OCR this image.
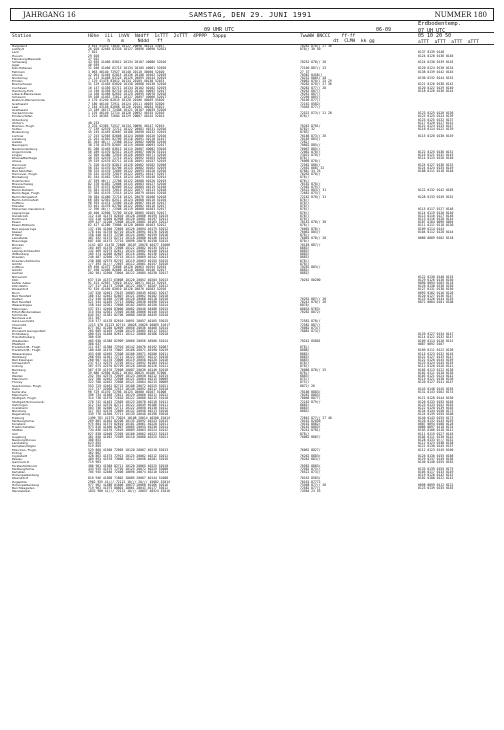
JAHRGANG 16	SAMSTAG, DEN 29. JUNI 1991	NUMMER 180
09 UHR UTC	06-09
Erdbodentemp.
07 UH UTC
05 10 20 50
Station	Höhe  iii  ihVV  Nddff  1sTTT  2sTTT  4PPPP  5appp
h    m     Nddd   ff
7wwWW 8NCCC    ff-ff
dt  CLMH  kk gg	aTTT  aTTT  aTTT  aTTT
Helgoland	4 015 41470 73034 10127 20096 40124 53017	70282 878// 27 36
List/Sylt	26 020 42465 83326 10127 20096 40090 52023	878// 30 40
Leck	7 022	0137 0139 0148
Husum	29 026	0124 0128 0136 0146
Flensburg/Meierwik	27 032
Schleswig	43 035 41460 83012 10134 20107 40086 52016	70252 878// 26	0124 0130 0139 0145
Jagel	40 039
Kiel-Holtenau	31 046 41460 62715 10134 20105 40081 52020	72166 887// 23	0120 0124 0130 0134
Fehmarn	3 063 46140 72927 10140 20110 40050 52020	27 37	0138 0139 0142 0145
Arkona	42 091 41465 62815 10136 20108 40102 52029	70382 8458//
Norderney	11 113 41468 83124 10126 20095 40144 52015	70252 8881/ 20	0130 0132 0144 0152
Emden	7 129 41478 83012 10134 20105 40130 52015	76082 878// 25 29
Bremerhaven	31 129 41465 83020 10138 20088 40130 52016	70282 878// 27 36	0121 0126 0138 0142
Cuxhaven	16 147 41356 82711 10134 20102 40102 52019	70282 877// 28	0120 0122 0129 0140
Hamburg-Fuhl.	14 156 41358 82710 10133 20102 40092 52017	76262 887//	0118 0126 0136 0144
Lübeck-Blankensee	14 160 41466 82653 10129 20095 40076 52016	76262 887//
Schwerin	59 168 41462 72612 10127 20097 40066 52017	72266 885//
Rostock-Warnemünde	4 170 41240 82815 10128 20106 40049 55020	76166 877//
Greifswald	7 180 46140 72911 10124 20111 40035 52026	72162 8582/
Leer	2 184 43158 82608 10126 20104 40034 55021	75565 877//
Greifswald	13 189 46172 72408 10121 20107 40035 52026
Ueckermünde	1 193 46140 72714 10120 20092 40155 52016	72522 873// 21 28	0123 0125 0126 0136
Emden-Hafen	1 215 46365 72604 10129 20087 40145 52014	878//	0123 0125 0124 0139
Oldenburg	0123 0125 0132 0137
Ahlhorn	40 233	0117 0120 0127 0142
Bremen, Flugh.	3 235 42365 72517 10134 20096 40147 52015	76262 8781/	0122 0124 0133 0147
Soltau	77 239 42570 72712 10122 20081 40131 52016	8782/ 32	0116 0114 0122 0139
Boizenburg	45 245 41459 82607 10108 20098 40132 52015	8783/
Lüchow	17 253 42365 82608 10124 20086 40126 52016	76186 873// 26	0115 0120 0130 0149
Lüneburg	21 261 41562 82709 10118 20091 40110 51017	76185 883//
Uelzen	81 264 46/// /2308 10112 20082 40098 52016	7282/
Neuruppin	38 270 41570 82607 10119 20086 40093 52017	70862 885//
Neubrandenburg	81 280 41465 83613 10115 20087 40082 53016	76067 885//
Angermünde	56 289 41470 82512 10119 20087 40078 51014	72082 878//	0122 0125 0136 0151
Lingen	22 305 41480 72910 10126 20089 40171 52016	73022 878//	0116 0121 0132 0145
Rheine/Bentlage	48 315 42470 72714 10122 20092 40163 52016	878//	0114 0115 0126 0140
Ahaus	39 319 42470 82711 10118 20091 40157 52019	76066 878//
Hannover	71 320 41470 82813 10128 20082 40182 52050	72582 888//	0124 0127 0136 0152
Wunstorf	56 332 41470 82706 10115 20082 40162 52019	72562 888/ 32	0124 0124 0135 0149
Bad Salzuflen	98 325 41470 72609 10122 20093 40126 52016	8788/ 34 25	0108 0111 0118 0140
Hannover, Flugh.	55 342 41470 72819 10122 20091 40147 52017	76262 878//
Bückeburg	81 344 41462 72614 10124 20073 40140 52014	878//
Holzminden	47 359 46/// /2708 10122 20080 40126 52019	878//
Braunschweig	82 378 41461 72808 10115 20083 40127 52016	76162 878//
Potsdam	81 379 41575 82609 10112 20085 40119 51018	72582 879//
Berlin-Dahlem	51 381 41476 72615 10122 20077 40113 52018	76522 883// 31	0122 0132 0142 0165
Berlin-Tegel, Flugh.	37 384 41476 72515 10124 20079 40104 52018	72682 875//
Berlin-Tempelhof	50 384 41480 72718 10121 20076 40108 52018	72182 878// 31	0128 0133 0149 0152
Berlin-Schönefeld	66 385 42361 82511 10124 20080 40110 51016	878//
Cottbus	96 393 41474 72506 10118 20067 40110 52017	878//
Münster	53 401 41478 82700 10122 20082 40110 52017	878//
Münschen-Osnabrück	12 396 46/// /2508 10119 20080 40103 52017	878//	0115 0117 0127 0146
Lippspringe	45 400 42560 72709 10126 20085 40103 52017	878//	0114 0119 0126 0140
Osnabrück	112 410 41475 82810 10128 20080 40195 52015	878//	0113 0116 0127 0148
Dortmund	152 410 42460 82908 10128 20081 40197 52011	878//	0113 0116 0128 0144
Essen	499 427 41260 72608 10120 20081 40163 52012	70142 878// 30	0107 0104 0096 0094
Essen-Mülheim	62 427 41280 73008 10128 20080 40163 52012	878//	0111 0111 0118 0130
Bad Lippspringe	137 438 41560 72605 10126 20094 40175 52012	76062 878//	0109 0114 0144
Kassel	178 444 41570 82710 10126 20091 40176 52016	76062 885//	0104 0112 0128 0144
Fritzlar	158 448 41475 72706 10124 20087 40159 52016	878//
Leinefelde	407 452 41475 82712 10118 20080 40146 51013	76062 878// 28	0080 0089 0102 0118
Braunlage	607 456 41475 72710 10096 20070 40150 52015	878//
Brocken	1142 462 41478 72808 10107 20078 40477 52000	76184 887//
Artern	164 469 41470 72608 10122 20082 40135 52011	8883/
Leipzig-Schkeuditz	142 469 42575 82811 10124 20082 40146 52014	8883/
Wittenberg	105 474 42568 82607 10116 20081 40136 52013	8883/
Dresden	246 487 42560 72715 10114 20069 40142 52013	8883/
Dresden-Klotzsche	230 488 42575 82707 10119 20063 40155 52015	878//
Görlitz	1/7 493 41/// /2607 10112 20061 40157 52016	878//
Cottbus	69 490 41472 72608 10120 20063 40154 52015	70262 883//
Görlitz	67 490 42466 82608 10118 20068 40146 52017	8883/
Aachen	202 501 42560 73004 10122 20085 40230 52017	8883/
Nörvenich	0122 0130 0140 0153
Köln	637 510 41572 63008 10120 20052 40204 52013	70262 80200	0129 0126 0136 0150
Kahler Asten	91 513 42567 72610 10122 20071 40213 52015	0090 0094 0103 0118
Köln-Wahn	127 517 41473 72508 10122 20077 40207 52012	0126 0130 0138 0150
Düsseldorf	92 520 41450 83010 10126 20076 40203 52016	0127 0131 0138 0150
Bonn	147 526 42461 73107 10083 20049 40201 52017	0093 0102 0116 0128
Bad Hersfeld	186 532 42462 82807 10121 20062 40182 52018	0120 0127 0136 0147
Gießen	212 540 41466 72708 10120 20068 40218 52016	76262 887// 26	0123 0126 0144 0155
Bad Hersfeld	521 544 41465 72713 10082 20030 40490 52014	70242 878// 26	0072 0084 0101 0108
Wasserkuppe	158 544 42361 72608 10102 20055 40150 51014	8878/
Meiningen	537 551 42460 83006 10082 20040 48488 52015	88834 8763/
Erfurt-Bindersleben	315 554 42361 72505 10108 20066 40146 51015	76282 8872/
Schmücke	645 557 41381 82706 10088 20036 48459 52010
Neuhaus a.R.	311 567
Gera-Leumnitz	316 577 41478 82610 10091 20057 40165 53015	72582 878//
Chemnitz	1213 578 41223 82714 10028 20026 40065 51017	72582 887//
Plauen	877 582 41280 82609 10050 20036 48468 52014	76082 873//
Zinnwald-Georgenfeld	265 609 41465 72408 10129 20085 40212 52022	78082 873//
Fichtelberg	480 615 41460 82611 10112 20060 40186 52010	0126 0127 0134 0147
Trier-Petrisberg	306 626	0114 0122 0132 0147
Wiesbaden	405 630 41380 82909 10066 20056 48500 52014	70242 85801	0109 0114 0126 0151
Pfalzfeld	368 637	0087 0092 0107
Frankfurt/M., Flugh.	111 637 41380 72910 10142 20070 40192 52007	878//
Frankfurt/M., Flugh.	100 640 41470 73007 10108 20071 40190 52019	8888/	0109 0111 0122 0136
Wasserkuppe	453 648 42465 72508 10106 20071 40206 52011	8883/	0115 0123 0132 0145
Würzburg	268 655 41561 72712 10122 20057 40212 52018	8883/	0122 0127 0133 0147
Bad Kissingen	260 667 41470 73006 10119 20058 40220 52016	8883/	0122 0126 0145 0159
Schweinfurt	237 671 42575 72705 10112 20052 40184 51012	878//	0123 0124 0145 0155
Coburg	367 675 42570 82709 10126 20040 40126 51011	878//	0112 0120 0126 0141
Bamberg	567 678 41570 72608 10087 20036 40146 52018	76086 878// 25	0105 0113 0122 0138
Hof	39 686 42560 82811 10104 20025 40186 57000	878//	0102 0111 0118 0136
Weiden	252 704 42575 72609 10123 20058 40212 52015	8883/	0103 0121 0124 0142
Mannheim	322 706 42462 72508 10121 20064 40215 50009	875//	0115 0121 0130 0136
Thorey	322 708 42462 72608 10121 20064 40215 50009	875//	0120 0127 0141 0147
Saarbrücken, Flugh.	553 729 42462 82715 10108 20072 40225 52021	8872/ 26
Hahn	112 727 42560 72512 10130 20092 40212 52010	0143 0148 0145 0155
Karlsruhe	96 729 41470 72706 10125 20080 40207 51008	70186 8883/	0131 0143 0162 0174
Mannheim	396 734 41568 72612 10129 20060 40211 52012	70282 8883/
Stuttgart, Flugh.	314 738 41570 72610 10122 20080 40215 51010	78066 8877/	0121 0128 0144 0150
Stuttgart/Schnarrenb.	276 742 41463 72505 10123 20078 40218 51011	72162 879//	0126 0133 0155 0165
Oehringen	412 744 42570 82711 10122 20049 40186 51011	8883/	0123 0133 0152 0163
Crailsheim	503 756 42480 72711 10122 20050 40130 51012	8883/	0122 0128 0139 0163
Nürnberg	317 763 42470 72609 10132 20058 40213 52018	8883/	0134 0144 0158 0173
Regensburg	339 776 41560 72711 10139 20048 40196 53010	0124 0139 0155 0168
Freiburg	1490 781 41375 73024 10108 20014 40200 52014	72842 877// 27 40	0140 0143 0155 0173
Feldberg/Schw.	269 803 41464 82208 10135 20092 40243 52015	70162 82830	0126 0132 0143 0159
Konstanz	975 804 41575 82610 10101 20061 40220 52011	70162 8882/	0087 0094 0108 0128
Friedrichshafen	973 818 41466 62007 10085 20055 40230 52014	70162 8883/	0086 0097 0110 0134
Stötten	734 836 42470 72616 10089 20063 40224 51012	70242 8781/	0103 0106 0118 0141
Ulm	627 838 42460 72305 10100 20062 40223 52013	878//	0111 0115 0127 0145
Augsburg	461 840 41562 72509 10110 20080 40225 52021	76062 8887/	0105 0111 0130 0142
Neuburg/Donau	380 853	0128 0133 0/// 0152
Landsberg	623 855	0112 0123 0148 0158
Kempten/Allgäu	519 859	0121 0130 0145 0157
München, Flugh.	529 860 41560 72605 10120 20067 40218 52013	76062 8827/	0112 0123 0145 0160
Erding	462 862
Ingolstadt	428 863 41575 72913 10125 20082 40212 52012	76262 8883/	0126 0136 0155 0168
Passau	409 893 41570 73006 10112 20058 40201 52016	70282 883//	0129 0137 0149 0156
Garmisch-P.	719 963	0140 0148 0155 0162
Fürstenfeldbruck	486 901 41360 82711 10120 20065 40225 52010	76582 8883/
Feldberg/Schw.	443 929 41575 72705 10125 20072 40229 53008	72582 873//	0133 0139 0155 0175
Kempten	705 945 42480 72406 10096 20074 40210 52014	76522 873//	0105 0117 0133 0149
Hohenpeißenberg	0119 0126 0142 0152
Oberstdorf	810 946 41568 71802 10085 20067 40144 51008	70162 8583/	0102 0108 0122 0142
Zugspitze	2962 955 41/// 72112 10/// 20/// 45002 52014	70162 87772
Hohenpeißenberg	977 962 41480 81606 10073 20060 40166 52016	75568 877// 26	0098 0099 0112 0122
Berchtesgaden	719 963 41575 80801 10061 20043 40177 53012	72582 877//	0123 0139 0155 0163
Wendelstein	1832 980 41/// 72112 10/// 20057 48524 52016	74584 23 43
